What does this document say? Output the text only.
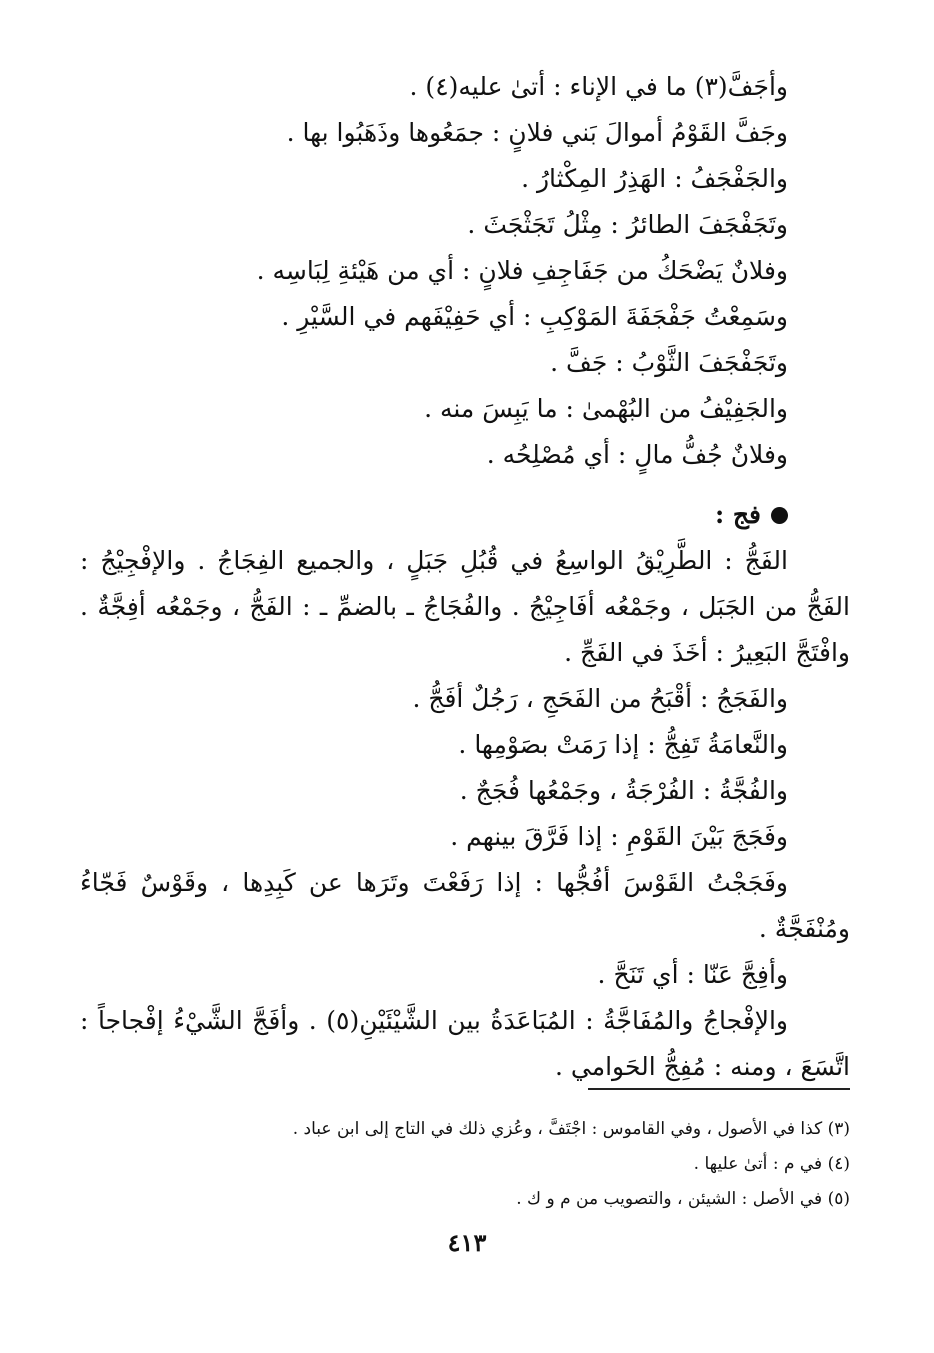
وأجَفَّ(٣) ما في الإناء : أتىٰ عليه(٤) .
وجَفَّ القَوْمُ أموالَ بَني فلانٍ : جمَعُوها وذَهَبُوا بها .
والجَفْجَفُ : الهَذِرُ المِكْثارُ .
وتَجَفْجَفَ الطائرُ : مِثْلُ تَجَثْجَثَ .
وفلانٌ يَضْحَكُ من جَفَاجِفِ فلانٍ : أي من هَيْئةِ لِبَاسِه .
وسَمِعْتُ جَفْجَفَةَ المَوْكِبِ : أي حَفِيْفَهم في السَّيْرِ .
وتَجَفْجَفَ الثَّوْبُ : جَفَّ .
والجَفِيْفُ من البُهْمىٰ : ما يَبِسَ منه .
وفلانٌ جُفُّ مالٍ : أي مُصْلِحُه .
فج :
الفَجُّ : الطَّرِيْقُ الواسِعُ في قُبُلِ جَبَلٍ ، والجميع الفِجَاجُ . والإفْجِيْجُ :
الفَجُّ من الجَبَل ، وجَمْعُه أفَاجِيْجُ . والفُجَاجُ ـ بالضمِّ ـ : الفَجُّ ، وجَمْعُه أفِجَّةٌ .
وافْتَجَّ البَعِيرُ : أخَذَ في الفَجِّ .
والفَجَجُ : أقْبَحُ من الفَحَجِ ، رَجُلٌ أفَجُّ .
والنَّعامَةُ تَفِجُّ : إذا رَمَتْ بصَوْمِها .
والفُجَّةُ : الفُرْجَةُ ، وجَمْعُها فُجَجٌ .
وفَجَجَ بَيْنَ القَوْمِ : إذا فَرَّقَ بينهم .
وفَجَجْتُ القَوْسَ أفُجُّها : إذا رَفَعْتَ وتَرَها عن كَبِدِها ، وقَوْسٌ فَجّاءُ
ومُنْفَجَّةٌ .
وأفِجَّ عَنّا : أي تَنَحَّ .
والإفْجاجُ والمُفَاجَّةُ : المُبَاعَدَةُ بين الشَّيْئَيْنِ(٥) . وأفَجَّ الشَّيْءُ إفْجاجاً :
اتَّسَعَ ، ومنه : مُفِجُّ الحَوامي .
(٣) كذا في الأصول ، وفي القاموس : اجْتَفَّ ، وعُزي ذلك في التاج إلى ابن عباد .
(٤) في م : أتىٰ عليها .
(٥) في الأصل : الشيئن ، والتصويب من م و ك .
٤١٣
